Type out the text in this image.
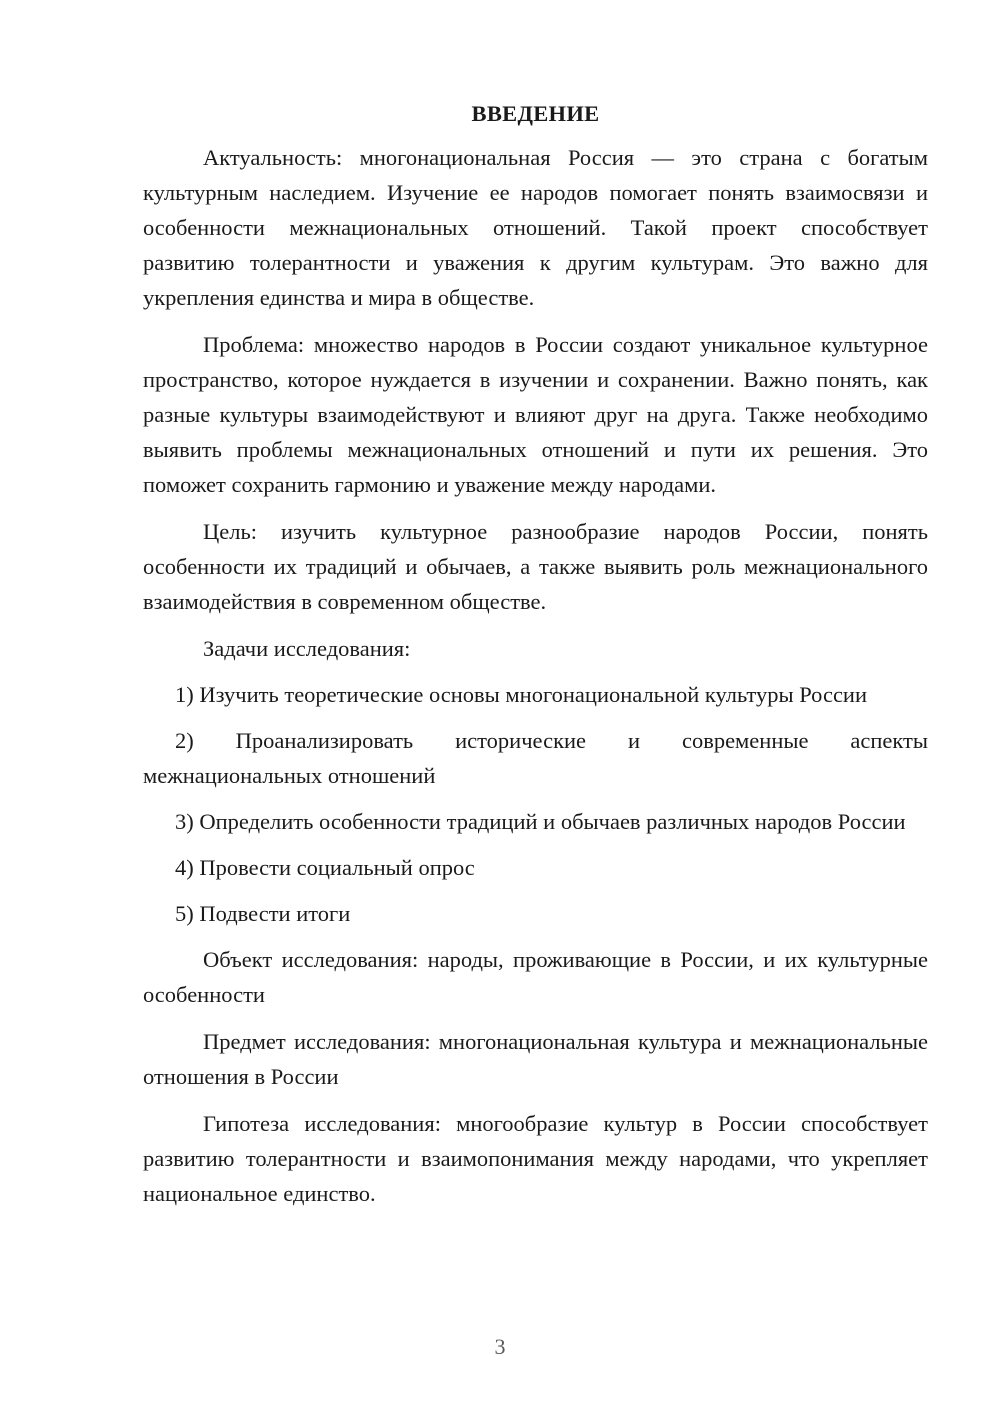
ВВЕДЕНИЕ

Актуальность: многонациональная Россия — это страна с богатым культурным наследием. Изучение ее народов помогает понять взаимосвязи и особенности межнациональных отношений. Такой проект способствует развитию толерантности и уважения к другим культурам. Это важно для укрепления единства и мира в обществе.

Проблема: множество народов в России создают уникальное культурное пространство, которое нуждается в изучении и сохранении. Важно понять, как разные культуры взаимодействуют и влияют друг на друга. Также необходимо выявить проблемы межнациональных отношений и пути их решения. Это поможет сохранить гармонию и уважение между народами.

Цель: изучить культурное разнообразие народов России, понять особенности их традиций и обычаев, а также выявить роль межнационального взаимодействия в современном обществе.

Задачи исследования:

1) Изучить теоретические основы многонациональной культуры России

2) Проанализировать исторические и современные аспекты межнациональных отношений

3) Определить особенности традиций и обычаев различных народов России

4) Провести социальный опрос

5) Подвести итоги

Объект исследования: народы, проживающие в России, и их культурные особенности

Предмет исследования: многонациональная культура и межнациональные отношения в России

Гипотеза исследования: многообразие культур в России способствует развитию толерантности и взаимопонимания между народами, что укрепляет национальное единство.

3
